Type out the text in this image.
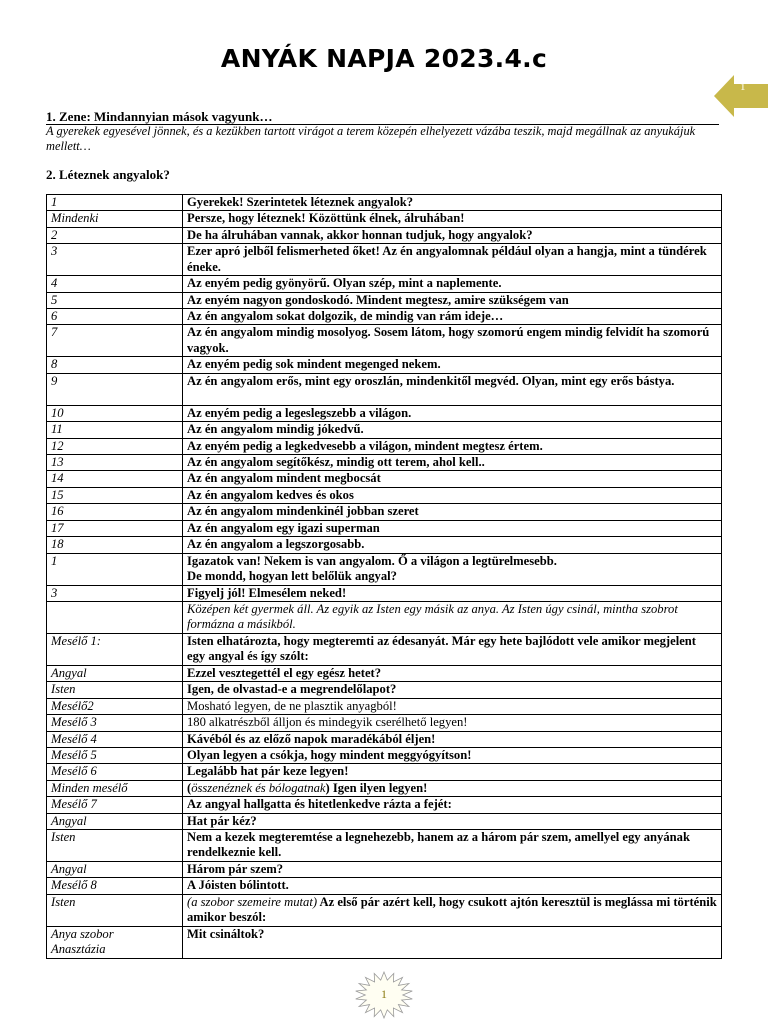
ANYÁK NAPJA 2023.4.c
1
1. Zene: Mindannyian mások vagyunk…
A gyerekek egyesével jönnek, és a kezükben tartott virágot a terem közepén elhelyezett vázába teszik, majd megállnak az anyukájuk mellett…
2. Léteznek angyalok?
1	Gyerekek! Szerintetek léteznek angyalok?
Mindenki	Persze, hogy léteznek! Közöttünk élnek, álruhában!
2	De ha álruhában vannak, akkor honnan tudjuk, hogy angyalok?
3	Ezer apró jelből felismerheted őket! Az én angyalomnak például olyan a hangja, mint a tündérek éneke.
4	Az enyém pedig gyönyörű. Olyan szép, mint a naplemente.
5	Az enyém nagyon gondoskodó. Mindent megtesz, amire szükségem van
6	Az én angyalom sokat dolgozik, de mindig van rám ideje…
7	Az én angyalom mindig mosolyog. Sosem látom, hogy szomorú engem mindig felvidít ha szomorú vagyok.
8	Az enyém pedig sok mindent megenged nekem.
9	Az én angyalom erős, mint egy oroszlán, mindenkitől megvéd. Olyan, mint egy erős bástya.
10	Az enyém pedig a legeslegszebb a világon.
11	Az én angyalom mindig jókedvű.
12	Az enyém pedig a legkedvesebb a világon, mindent megtesz értem.
13	Az én angyalom segítőkész, mindig ott terem, ahol kell..
14	Az én angyalom mindent megbocsát
15	Az én angyalom kedves és okos
16	Az én angyalom mindenkinél jobban szeret
17	Az én angyalom egy igazi superman
18	Az én angyalom a legszorgosabb.
1	Igazatok van! Nekem is van angyalom. Ő a világon a legtürelmesebb.
De mondd, hogyan lett belőlük angyal?
3	Figyelj jól! Elmesélem neked!
	Középen két gyermek áll. Az egyik az Isten egy másik az anya. Az Isten úgy csinál, mintha szobrot formázna a másikból.
Mesélő 1:	Isten elhatározta, hogy megteremti az édesanyát. Már egy hete bajlódott vele amikor megjelent egy angyal és így szólt:
Angyal	Ezzel vesztegettél el egy egész hetet?
Isten	Igen, de olvastad-e a megrendelőlapot?
Mesélő2	Mosható legyen, de ne plasztik anyagból!
Mesélő 3	180 alkatrészből álljon és mindegyik cserélhető legyen!
Mesélő 4	Kávéból és az előző napok maradékából éljen!
Mesélő 5	Olyan legyen a csókja, hogy mindent meggyógyítson!
Mesélő 6	Legalább hat pár keze legyen!
Minden mesélő	(összenéznek és bólogatnak) Igen ilyen legyen!
Mesélő 7	Az angyal hallgatta és hitetlenkedve rázta a fejét:
Angyal	Hat pár kéz?
Isten	Nem a kezek megteremtése a legnehezebb, hanem az a három pár szem, amellyel egy anyának rendelkeznie kell.
Angyal	Három pár szem?
Mesélő 8	A Jóisten bólintott.
Isten	(a szobor szemeire mutat) Az első pár azért kell, hogy csukott ajtón keresztül is meglássa mi történik amikor beszól:
Anya szobor
Anasztázia	Mit csináltok?
1
